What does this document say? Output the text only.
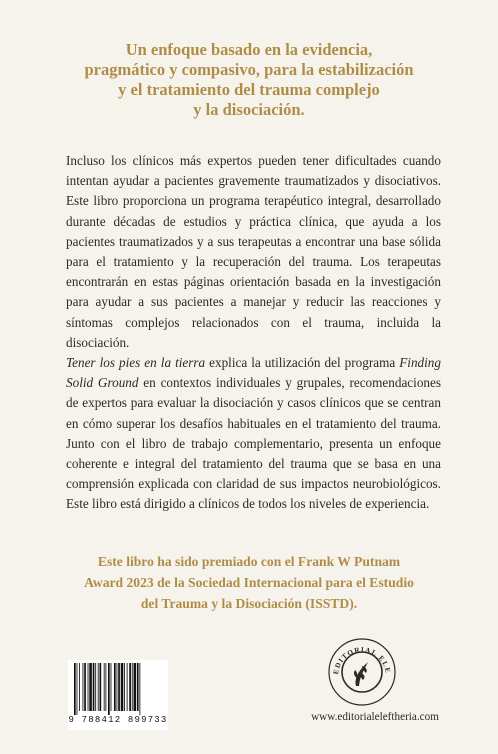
Un enfoque basado en la evidencia,
pragmático y compasivo, para la estabilización
y el tratamiento del trauma complejo
y la disociación.

Incluso los clínicos más expertos pueden tener dificultades cuando intentan ayudar a pacientes gravemente traumatizados y disociativos. Este libro proporciona un programa terapéutico integral, desarrollado durante décadas de estudios y práctica clínica, que ayuda a los pacientes traumatizados y a sus terapeutas a encontrar una base sólida para el tratamiento y la recuperación del trauma. Los terapeutas encontrarán en estas páginas orientación basada en la investigación para ayudar a sus pacientes a manejar y reducir las reacciones y síntomas complejos relacionados con el trauma, incluida la disociación.

Tener los pies en la tierra explica la utilización del programa Finding Solid Ground en contextos individuales y grupales, recomendaciones de expertos para evaluar la disociación y casos clínicos que se centran en cómo superar los desafíos habituales en el tratamiento del trauma. Junto con el libro de trabajo complementario, presenta un enfoque coherente e integral del tratamiento del trauma que se basa en una comprensión explicada con claridad de sus impactos neurobiológicos. Este libro está dirigido a clínicos de todos los niveles de experiencia.

Este libro ha sido premiado con el Frank W Putnam
Award 2023 de la Sociedad Internacional para el Estudio
del Trauma y la Disociación (ISSTD).
9 788412 899733
EDITORIAL ELE
www.editorialeleftheria.com
